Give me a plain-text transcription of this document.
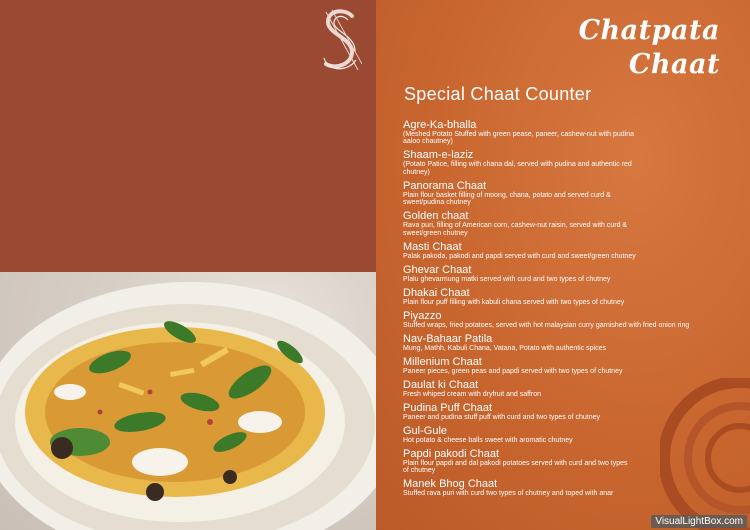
Chatpata
Chaat
Special Chaat Counter
Agre-Ka-bhalla
(Meshed Potato Stuffed with green pease, paneer, cashew-nut with pudina aaloo chautney)
Shaam-e-laziz
(Potato Patice, filling with chana dal, served with pudina and authentic red chutney)
Panorama Chaat
Plain flour basket filling of moong, chana, potato and served curd & sweet/pudina chutney
Golden chaat
Rava puri, filling of American corn, cashew-nut raisin, served with curd & sweet/green chutney
Masti Chaat
Palak pakoda, pakodi and papdi served with curd and sweet/green chutney
Ghevar Chaat
Plalu ghevarmung matki served with curd and two types of chutney
Dhakai Chaat
Plain flour puff filling with kabuli chana served with two types of chutney
Piyazzo
Stuffed wraps, fried potatoes, served with hot malaysian curry garnished with fried onion ring
Nav-Bahaar Patila
Mung, Mathh, Kabuli Chana, Vatana, Potato with authentic spices
Millenium Chaat
Paneer pieces, green peas and papdi served with two types of chutney
Daulat ki Chaat
Fresh whiped cream with dryfruit and saffron
Pudina Puff Chaat
Paneer and pudina stuff puff with curd and two types of chutney
Gul-Gule
Hot potato & cheese balls sweet with aromatic chutney
Papdi pakodi Chaat
Plain flour papdi and dal pakodi potatoes served with curd and two types of chutney
Manek Bhog Chaat
Stuffed rava puri with curd two types of chutney and toped with anar
VisualLightBox.com
